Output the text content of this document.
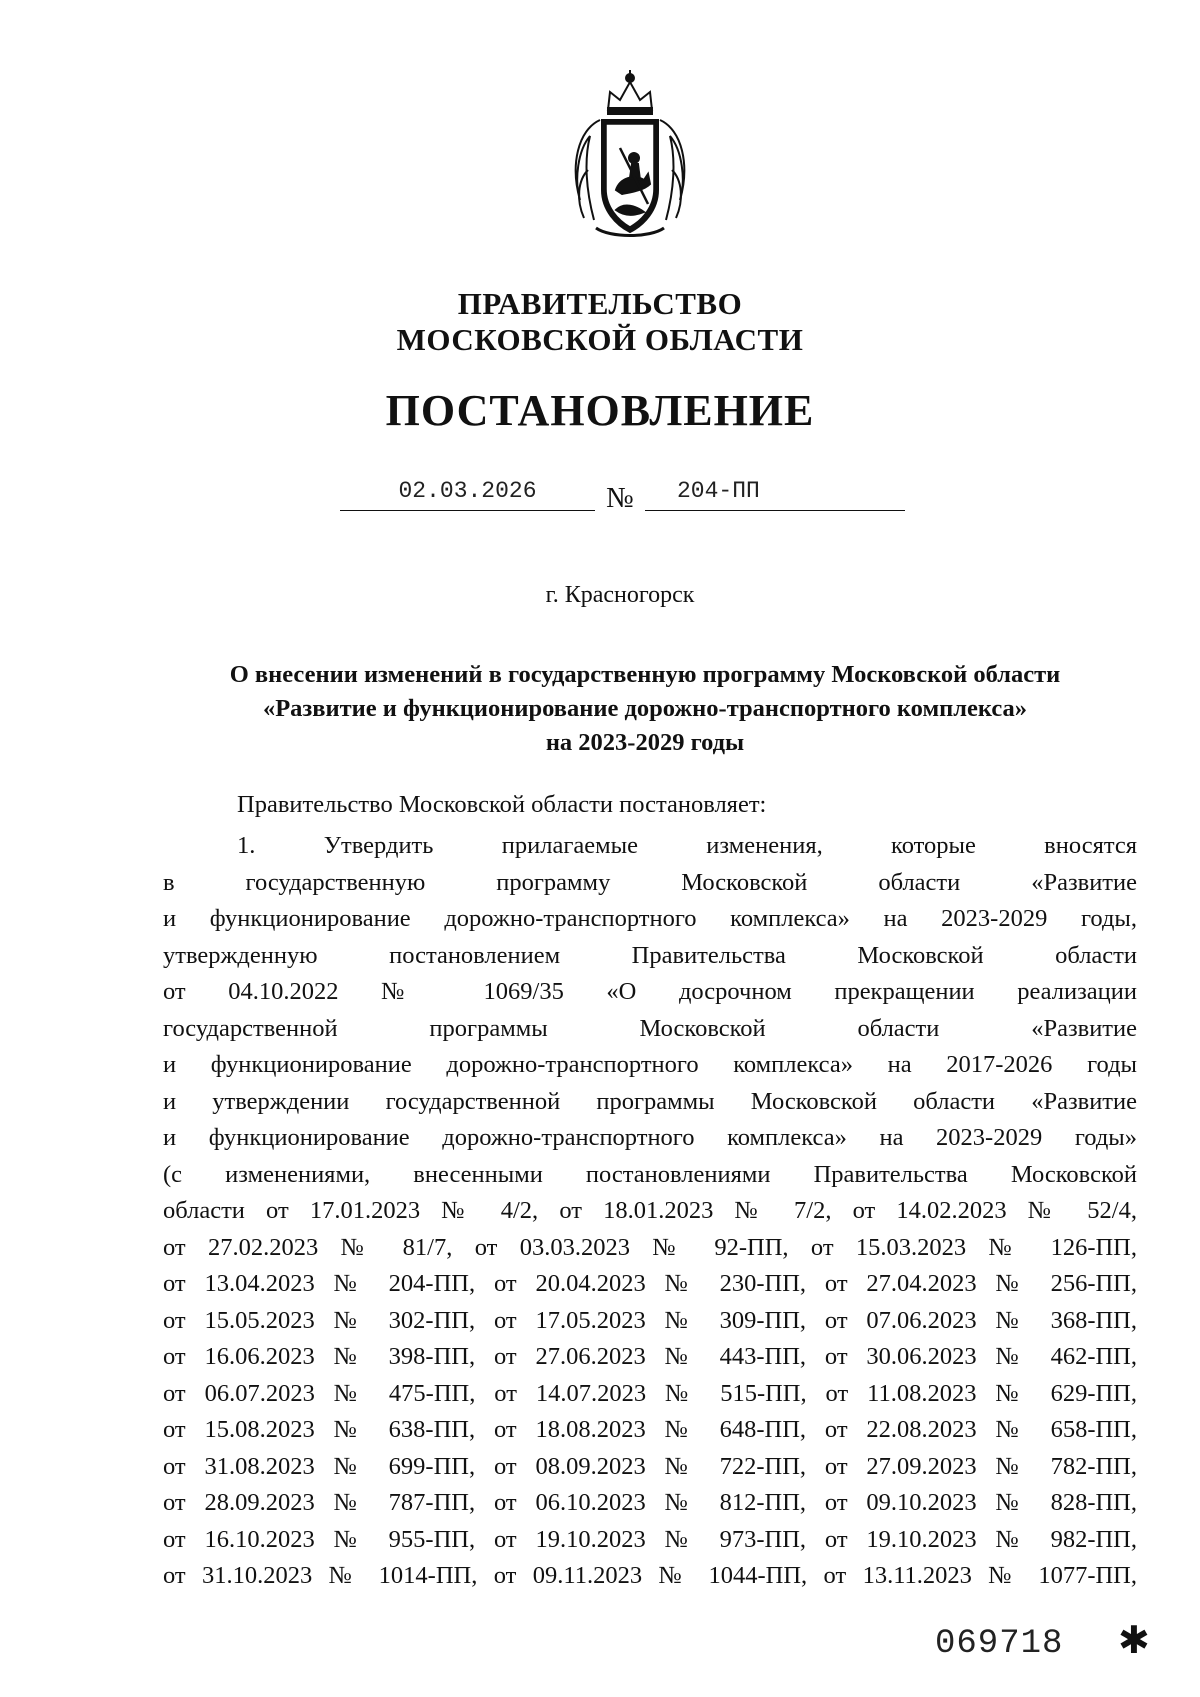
ПРАВИТЕЛЬСТВО
МОСКОВСКОЙ ОБЛАСТИ
ПОСТАНОВЛЕНИЕ
02.03.2026	№ 204-ПП
г. Красногорск
О внесении изменений в государственную программу Московской области
«Развитие и функционирование дорожно-транспортного комплекса»
на 2023-2029 годы
Правительство Московской области постановляет:
1. Утвердить прилагаемые изменения, которые вносятся
в государственную программу Московской области «Развитие
и функционирование дорожно-транспортного комплекса» на 2023-2029 годы,
утвержденную постановлением Правительства Московской области
от 04.10.2022 № 1069/35 «О досрочном прекращении реализации
государственной программы Московской области «Развитие
и функционирование дорожно-транспортного комплекса» на 2017-2026 годы
и утверждении государственной программы Московской области «Развитие
и функционирование дорожно-транспортного комплекса» на 2023-2029 годы»
(с изменениями, внесенными постановлениями Правительства Московской
области от 17.01.2023 № 4/2, от 18.01.2023 № 7/2, от 14.02.2023 № 52/4,
от 27.02.2023 № 81/7, от 03.03.2023 № 92-ПП, от 15.03.2023 № 126-ПП,
от 13.04.2023 № 204-ПП, от 20.04.2023 № 230-ПП, от 27.04.2023 № 256-ПП,
от 15.05.2023 № 302-ПП, от 17.05.2023 № 309-ПП, от 07.06.2023 № 368-ПП,
от 16.06.2023 № 398-ПП, от 27.06.2023 № 443-ПП, от 30.06.2023 № 462-ПП,
от 06.07.2023 № 475-ПП, от 14.07.2023 № 515-ПП, от 11.08.2023 № 629-ПП,
от 15.08.2023 № 638-ПП, от 18.08.2023 № 648-ПП, от 22.08.2023 № 658-ПП,
от 31.08.2023 № 699-ПП, от 08.09.2023 № 722-ПП, от 27.09.2023 № 782-ПП,
от 28.09.2023 № 787-ПП, от 06.10.2023 № 812-ПП, от 09.10.2023 № 828-ПП,
от 16.10.2023 № 955-ПП, от 19.10.2023 № 973-ПП, от 19.10.2023 № 982-ПП,
от 31.10.2023 № 1014-ПП, от 09.11.2023 № 1044-ПП, от 13.11.2023 № 1077-ПП,
069718 ✱
